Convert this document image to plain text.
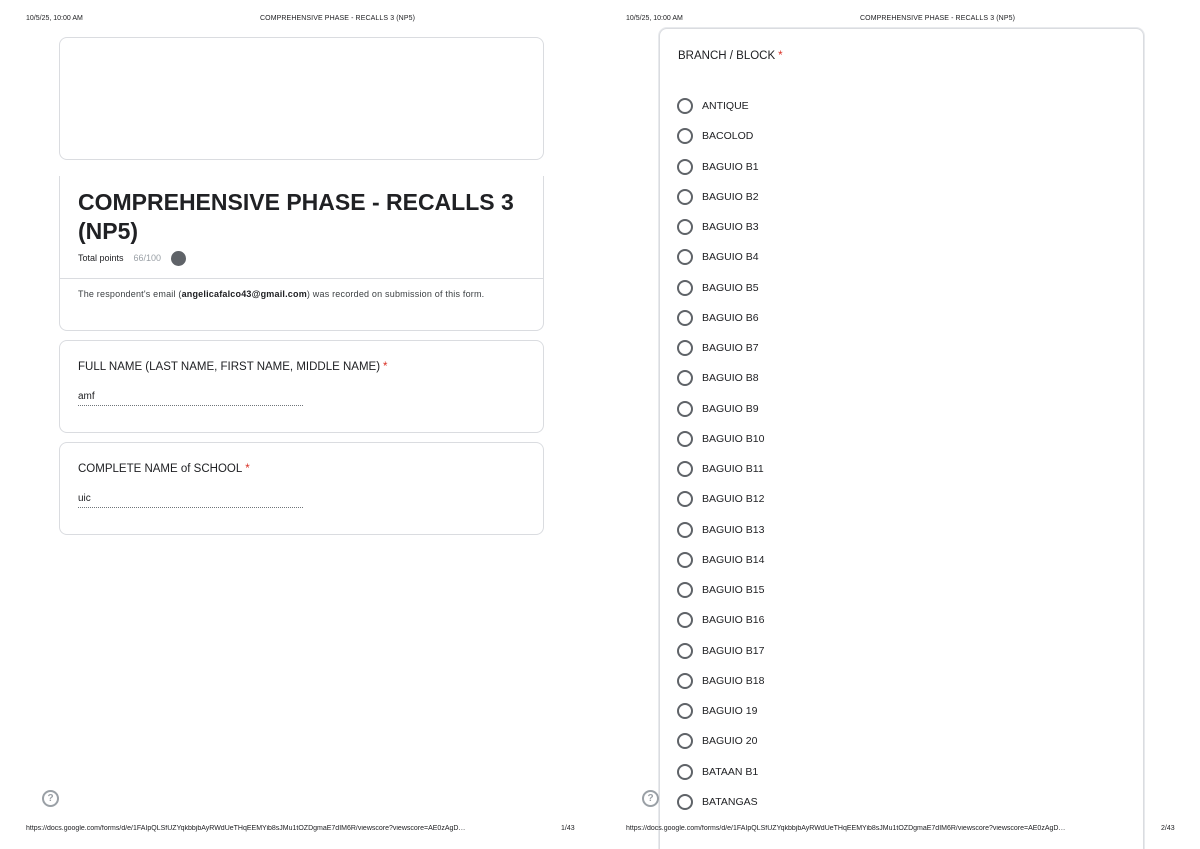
10/5/25, 10:00 AM	COMPREHENSIVE PHASE - RECALLS 3 (NP5)
COMPREHENSIVE PHASE - RECALLS 3 (NP5)
Total points 66/100
The respondent's email (angelicafalco43@gmail.com) was recorded on submission of this form.
FULL NAME (LAST NAME, FIRST NAME, MIDDLE NAME) *
amf
COMPLETE NAME of SCHOOL *
uic
?
https://docs.google.com/forms/d/e/1FAIpQLSfUZYqkbbjbAyRWdUeTHqEEMYib8sJMu1tOZDgmaE7dIM6R/viewscore?viewscore=AE0zAgD…	1/43
10/5/25, 10:00 AM	COMPREHENSIVE PHASE - RECALLS 3 (NP5)
BRANCH / BLOCK *
ANTIQUE
BACOLOD
BAGUIO B1
BAGUIO B2
BAGUIO B3
BAGUIO B4
BAGUIO B5
BAGUIO B6
BAGUIO B7
BAGUIO B8
BAGUIO B9
BAGUIO B10
BAGUIO B11
BAGUIO B12
BAGUIO B13
BAGUIO B14
BAGUIO B15
BAGUIO B16
BAGUIO B17
BAGUIO B18
BAGUIO 19
BAGUIO 20
BATAAN B1
BATANGAS
?
https://docs.google.com/forms/d/e/1FAIpQLSfUZYqkbbjbAyRWdUeTHqEEMYib8sJMu1tOZDgmaE7dIM6R/viewscore?viewscore=AE0zAgD…	2/43
